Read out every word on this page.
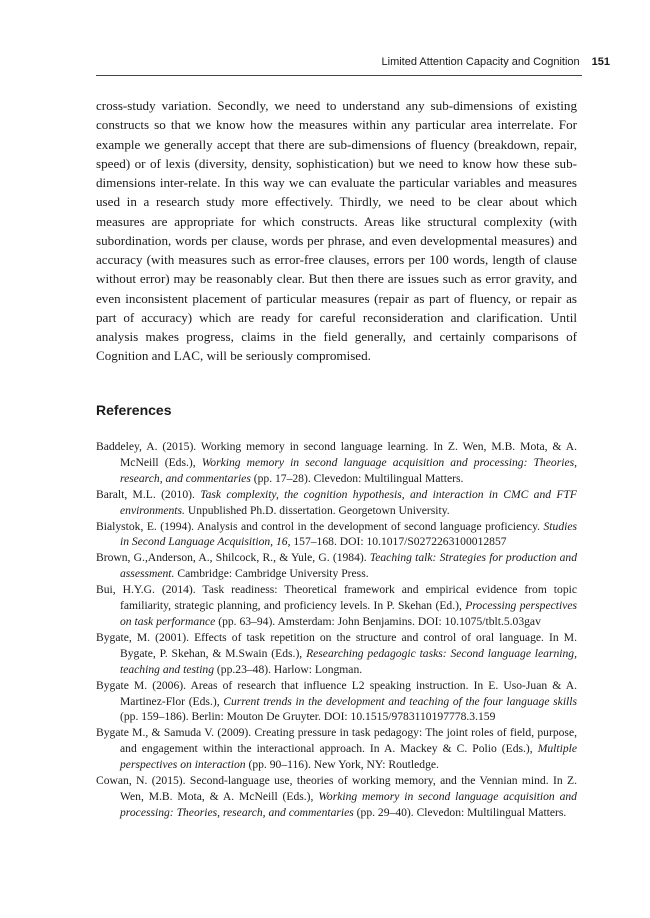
Limited Attention Capacity and Cognition 151

cross-study variation. Secondly, we need to understand any sub-dimensions of existing constructs so that we know how the measures within any particular area interrelate. For example we generally accept that there are sub-dimensions of fluency (breakdown, repair, speed) or of lexis (diversity, density, sophistication) but we need to know how these sub-dimensions inter-relate. In this way we can evaluate the particular variables and measures used in a research study more effectively. Thirdly, we need to be clear about which measures are appropriate for which constructs. Areas like structural complexity (with subordination, words per clause, words per phrase, and even developmental measures) and accuracy (with measures such as error-free clauses, errors per 100 words, length of clause without error) may be reasonably clear. But then there are issues such as error gravity, and even inconsistent placement of particular measures (repair as part of fluency, or repair as part of accuracy) which are ready for careful reconsideration and clarification. Until analysis makes progress, claims in the field generally, and certainly comparisons of Cognition and LAC, will be seriously compromised.

References
Baddeley, A. (2015). Working memory in second language learning. In Z. Wen, M.B. Mota, & A. McNeill (Eds.), Working memory in second language acquisition and processing: Theories, research, and commentaries (pp. 17–28). Clevedon: Multilingual Matters.
Baralt, M.L. (2010). Task complexity, the cognition hypothesis, and interaction in CMC and FTF environments. Unpublished Ph.D. dissertation. Georgetown University.
Bialystok, E. (1994). Analysis and control in the development of second language proficiency. Studies in Second Language Acquisition, 16, 157–168. DOI: 10.1017/S0272263100012857
Brown, G.,Anderson, A., Shilcock, R., & Yule, G. (1984). Teaching talk: Strategies for production and assessment. Cambridge: Cambridge University Press.
Bui, H.Y.G. (2014). Task readiness: Theoretical framework and empirical evidence from topic familiarity, strategic planning, and proficiency levels. In P. Skehan (Ed.), Processing perspectives on task performance (pp. 63–94). Amsterdam: John Benjamins. DOI: 10.1075/tblt.5.03gav
Bygate, M. (2001). Effects of task repetition on the structure and control of oral language. In M. Bygate, P. Skehan, & M.Swain (Eds.), Researching pedagogic tasks: Second language learning, teaching and testing (pp.23–48). Harlow: Longman.
Bygate M. (2006). Areas of research that influence L2 speaking instruction. In E. Uso-Juan & A. Martinez-Flor (Eds.), Current trends in the development and teaching of the four language skills (pp. 159–186). Berlin: Mouton De Gruyter. DOI: 10.1515/9783110197778.3.159
Bygate M., & Samuda V. (2009). Creating pressure in task pedagogy: The joint roles of field, purpose, and engagement within the interactional approach. In A. Mackey & C. Polio (Eds.), Multiple perspectives on interaction (pp. 90–116). New York, NY: Routledge.
Cowan, N. (2015). Second-language use, theories of working memory, and the Vennian mind. In Z. Wen, M.B. Mota, & A. McNeill (Eds.), Working memory in second language acquisition and processing: Theories, research, and commentaries (pp. 29–40). Clevedon: Multilingual Matters.
